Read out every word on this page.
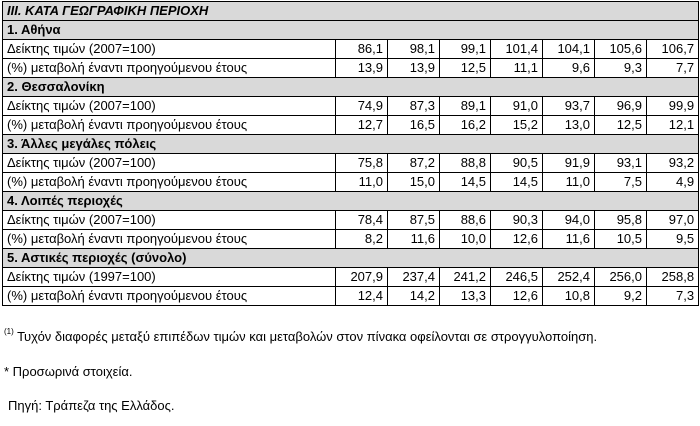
III. ΚΑΤΑ ΓΕΩΓΡΑΦΙΚΗ ΠΕΡΙΟΧΗ							
1. Αθήνα							
Δείκτης τιμών (2007=100)	86,1	98,1	99,1	101,4	104,1	105,6	106,7
(%) μεταβολή έναντι προηγούμενου έτους	13,9	13,9	12,5	11,1	9,6	9,3	7,7
2. Θεσσαλονίκη							
Δείκτης τιμών (2007=100)	74,9	87,3	89,1	91,0	93,7	96,9	99,9
(%) μεταβολή έναντι προηγούμενου έτους	12,7	16,5	16,2	15,2	13,0	12,5	12,1
3. Άλλες μεγάλες πόλεις							
Δείκτης τιμών (2007=100)	75,8	87,2	88,8	90,5	91,9	93,1	93,2
(%) μεταβολή έναντι προηγούμενου έτους	11,0	15,0	14,5	14,5	11,0	7,5	4,9
4. Λοιπές περιοχές							
Δείκτης τιμών (2007=100)	78,4	87,5	88,6	90,3	94,0	95,8	97,0
(%) μεταβολή έναντι προηγούμενου έτους	8,2	11,6	10,0	12,6	11,6	10,5	9,5
5. Αστικές περιοχές (σύνολο)							
Δείκτης τιμών (1997=100)	207,9	237,4	241,2	246,5	252,4	256,0	258,8
(%) μεταβολή έναντι προηγούμενου έτους	12,4	14,2	13,3	12,6	10,8	9,2	7,3
$^{(1)}$ Τυχόν διαφορές μεταξύ επιπέδων τιμών και μεταβολών στον πίνακα οφείλονται σε στρογγυλοποίηση.
* Προσωρινά στοιχεία.
Πηγή: Τράπεζα της Ελλάδος.
